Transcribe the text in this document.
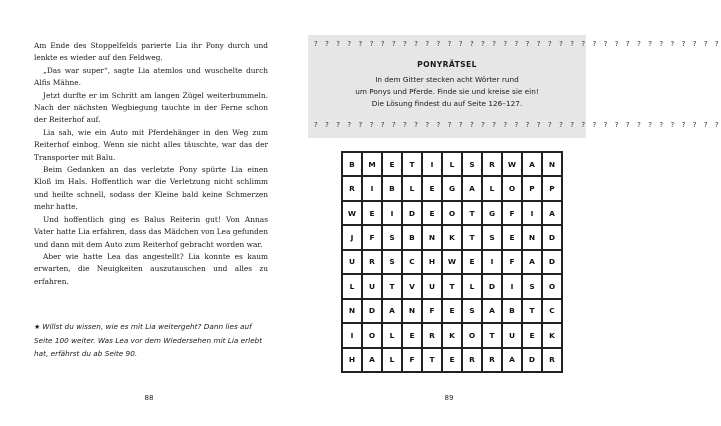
Am Ende des Stoppelfelds parierte Lia ihr Pony durch und lenkte es wieder auf den Feldweg.

„Das war super“, sagte Lia atemlos und wuschelte durch Alfis Mähne.

Jetzt durfte er im Schritt am langen Zügel weiterbummeln. Nach der nächsten Wegbiegung tauchte in der Ferne schon der Reiterhof auf.

Lia sah, wie ein Auto mit Pferdehänger in den Weg zum Reiterhof einbog. Wenn sie nicht alles täuschte, war das der Transporter mit Balu.

Beim Gedanken an das verletzte Pony spürte Lia einen Kloß im Hals. Hoffentlich war die Verletzung nicht schlimm und heilte schnell, sodass der Kleine bald keine Schmerzen mehr hatte.

Und hoffentlich ging es Balus Reiterin gut! Von Annas Vater hatte Lia erfahren, dass das Mädchen von Lea gefunden und dann mit dem Auto zum Reiterhof gebracht worden war.

Aber wie hatte Lea das angestellt? Lia konnte es kaum erwarten, die Neuigkeiten auszutauschen und alles zu erfahren.

★ Willst du wissen, wie es mit Lia weitergeht? Dann lies auf Seite 100 weiter. Was Lea vor dem Wiedersehen mit Lia erlebt hat, erfährst du ab Seite 90.
88
? ? ? ? ? ? ? ? ? ? ? ? ? ? ? ? ? ? ? ? ? ? ? ? ? ? ? ? ? ? ? ? ? ? ? ? ?
PONYRÄTSEL
In dem Gitter stecken acht Wörter rund
um Ponys und Pferde. Finde sie und kreise sie ein!
Die Lösung findest du auf Seite 126–127.
? ? ? ? ? ? ? ? ? ? ? ? ? ? ? ? ? ? ? ? ? ? ? ? ? ? ? ? ? ? ? ? ? ? ? ? ?
B	M	E	T	I	L	S	R	W	A	N
R	I	B	L	E	G	A	L	O	P	P
W	E	I	D	E	O	T	G	F	I	A
J	F	S	B	N	K	T	S	E	N	D
U	R	S	C	H	W	E	I	F	A	D
L	U	T	V	U	T	L	D	I	S	O
N	D	A	N	F	E	S	A	B	T	C
I	O	L	E	R	K	O	T	U	E	K
H	A	L	F	T	E	R	R	A	D	R
89
